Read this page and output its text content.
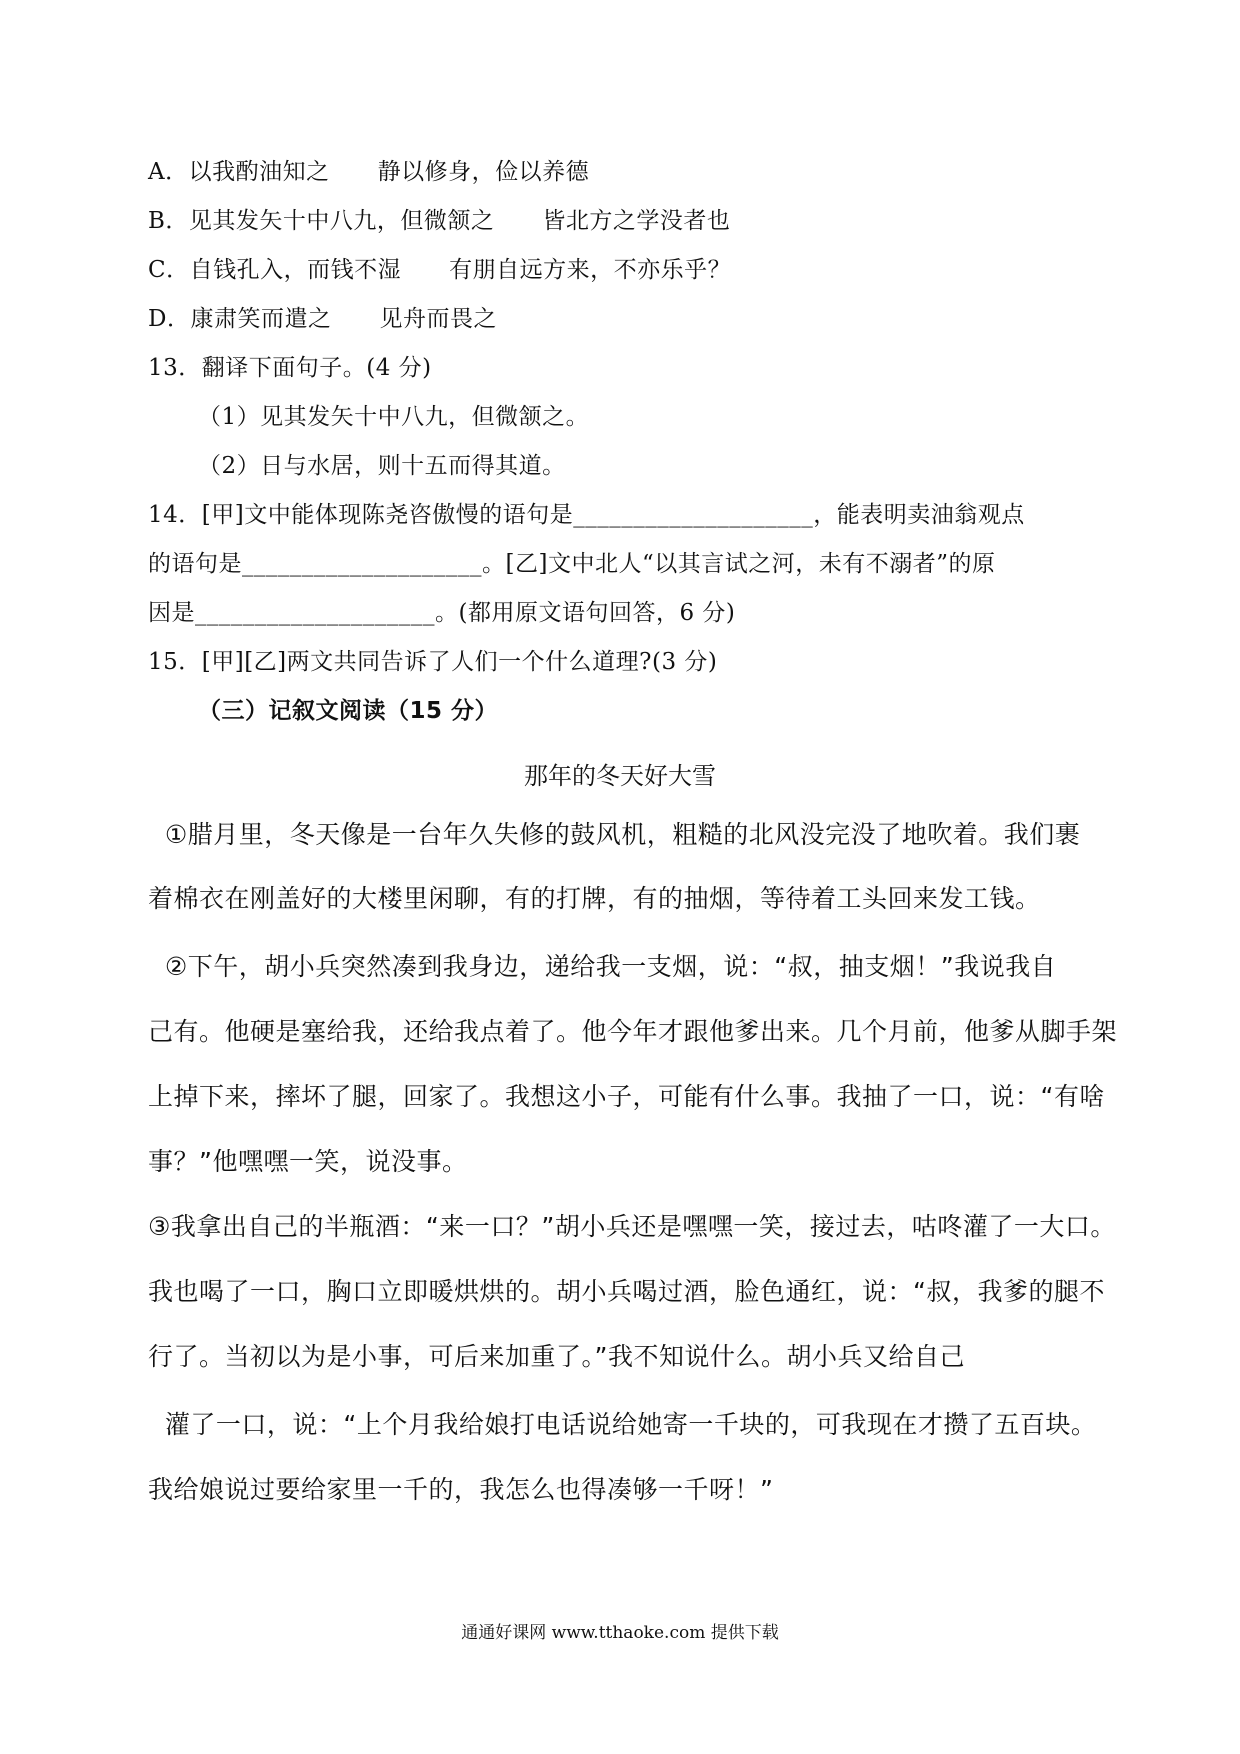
A．以我酌油知之 静以修身，俭以养德
B．见其发矢十中八九，但微颔之 皆北方之学没者也
C．自钱孔入，而钱不湿 有朋自远方来，不亦乐乎？
D．康肃笑而遣之 见舟而畏之
13．翻译下面句子。(4 分)
（1）见其发矢十中八九，但微颔之。
（2）日与水居，则十五而得其道。
14．[甲]文中能体现陈尧咨傲慢的语句是____________________，能表明卖油翁观点
的语句是____________________。[乙]文中北人“以其言试之河，未有不溺者”的原
因是____________________。(都用原文语句回答，6 分)
15．[甲][乙]两文共同告诉了人们一个什么道理?(3 分)
（三）记叙文阅读（15 分）
那年的冬天好大雪
①腊月里，冬天像是一台年久失修的鼓风机，粗糙的北风没完没了地吹着。我们裹
着棉衣在刚盖好的大楼里闲聊，有的打牌，有的抽烟，等待着工头回来发工钱。
②下午，胡小兵突然凑到我身边，递给我一支烟，说：“叔，抽支烟！”我说我自
己有。他硬是塞给我，还给我点着了。他今年才跟他爹出来。几个月前，他爹从脚手架
上掉下来，摔坏了腿，回家了。我想这小子，可能有什么事。我抽了一口，说：“有啥
事？”他嘿嘿一笑，说没事。
③我拿出自己的半瓶酒：“来一口？”胡小兵还是嘿嘿一笑，接过去，咕咚灌了一大口。
我也喝了一口，胸口立即暖烘烘的。胡小兵喝过酒，脸色通红，说：“叔，我爹的腿不
行了。当初以为是小事，可后来加重了。”我不知说什么。胡小兵又给自己
灌了一口，说：“上个月我给娘打电话说给她寄一千块的，可我现在才攒了五百块。
我给娘说过要给家里一千的，我怎么也得凑够一千呀！”
通通好课网 www.tthaoke.com 提供下载
